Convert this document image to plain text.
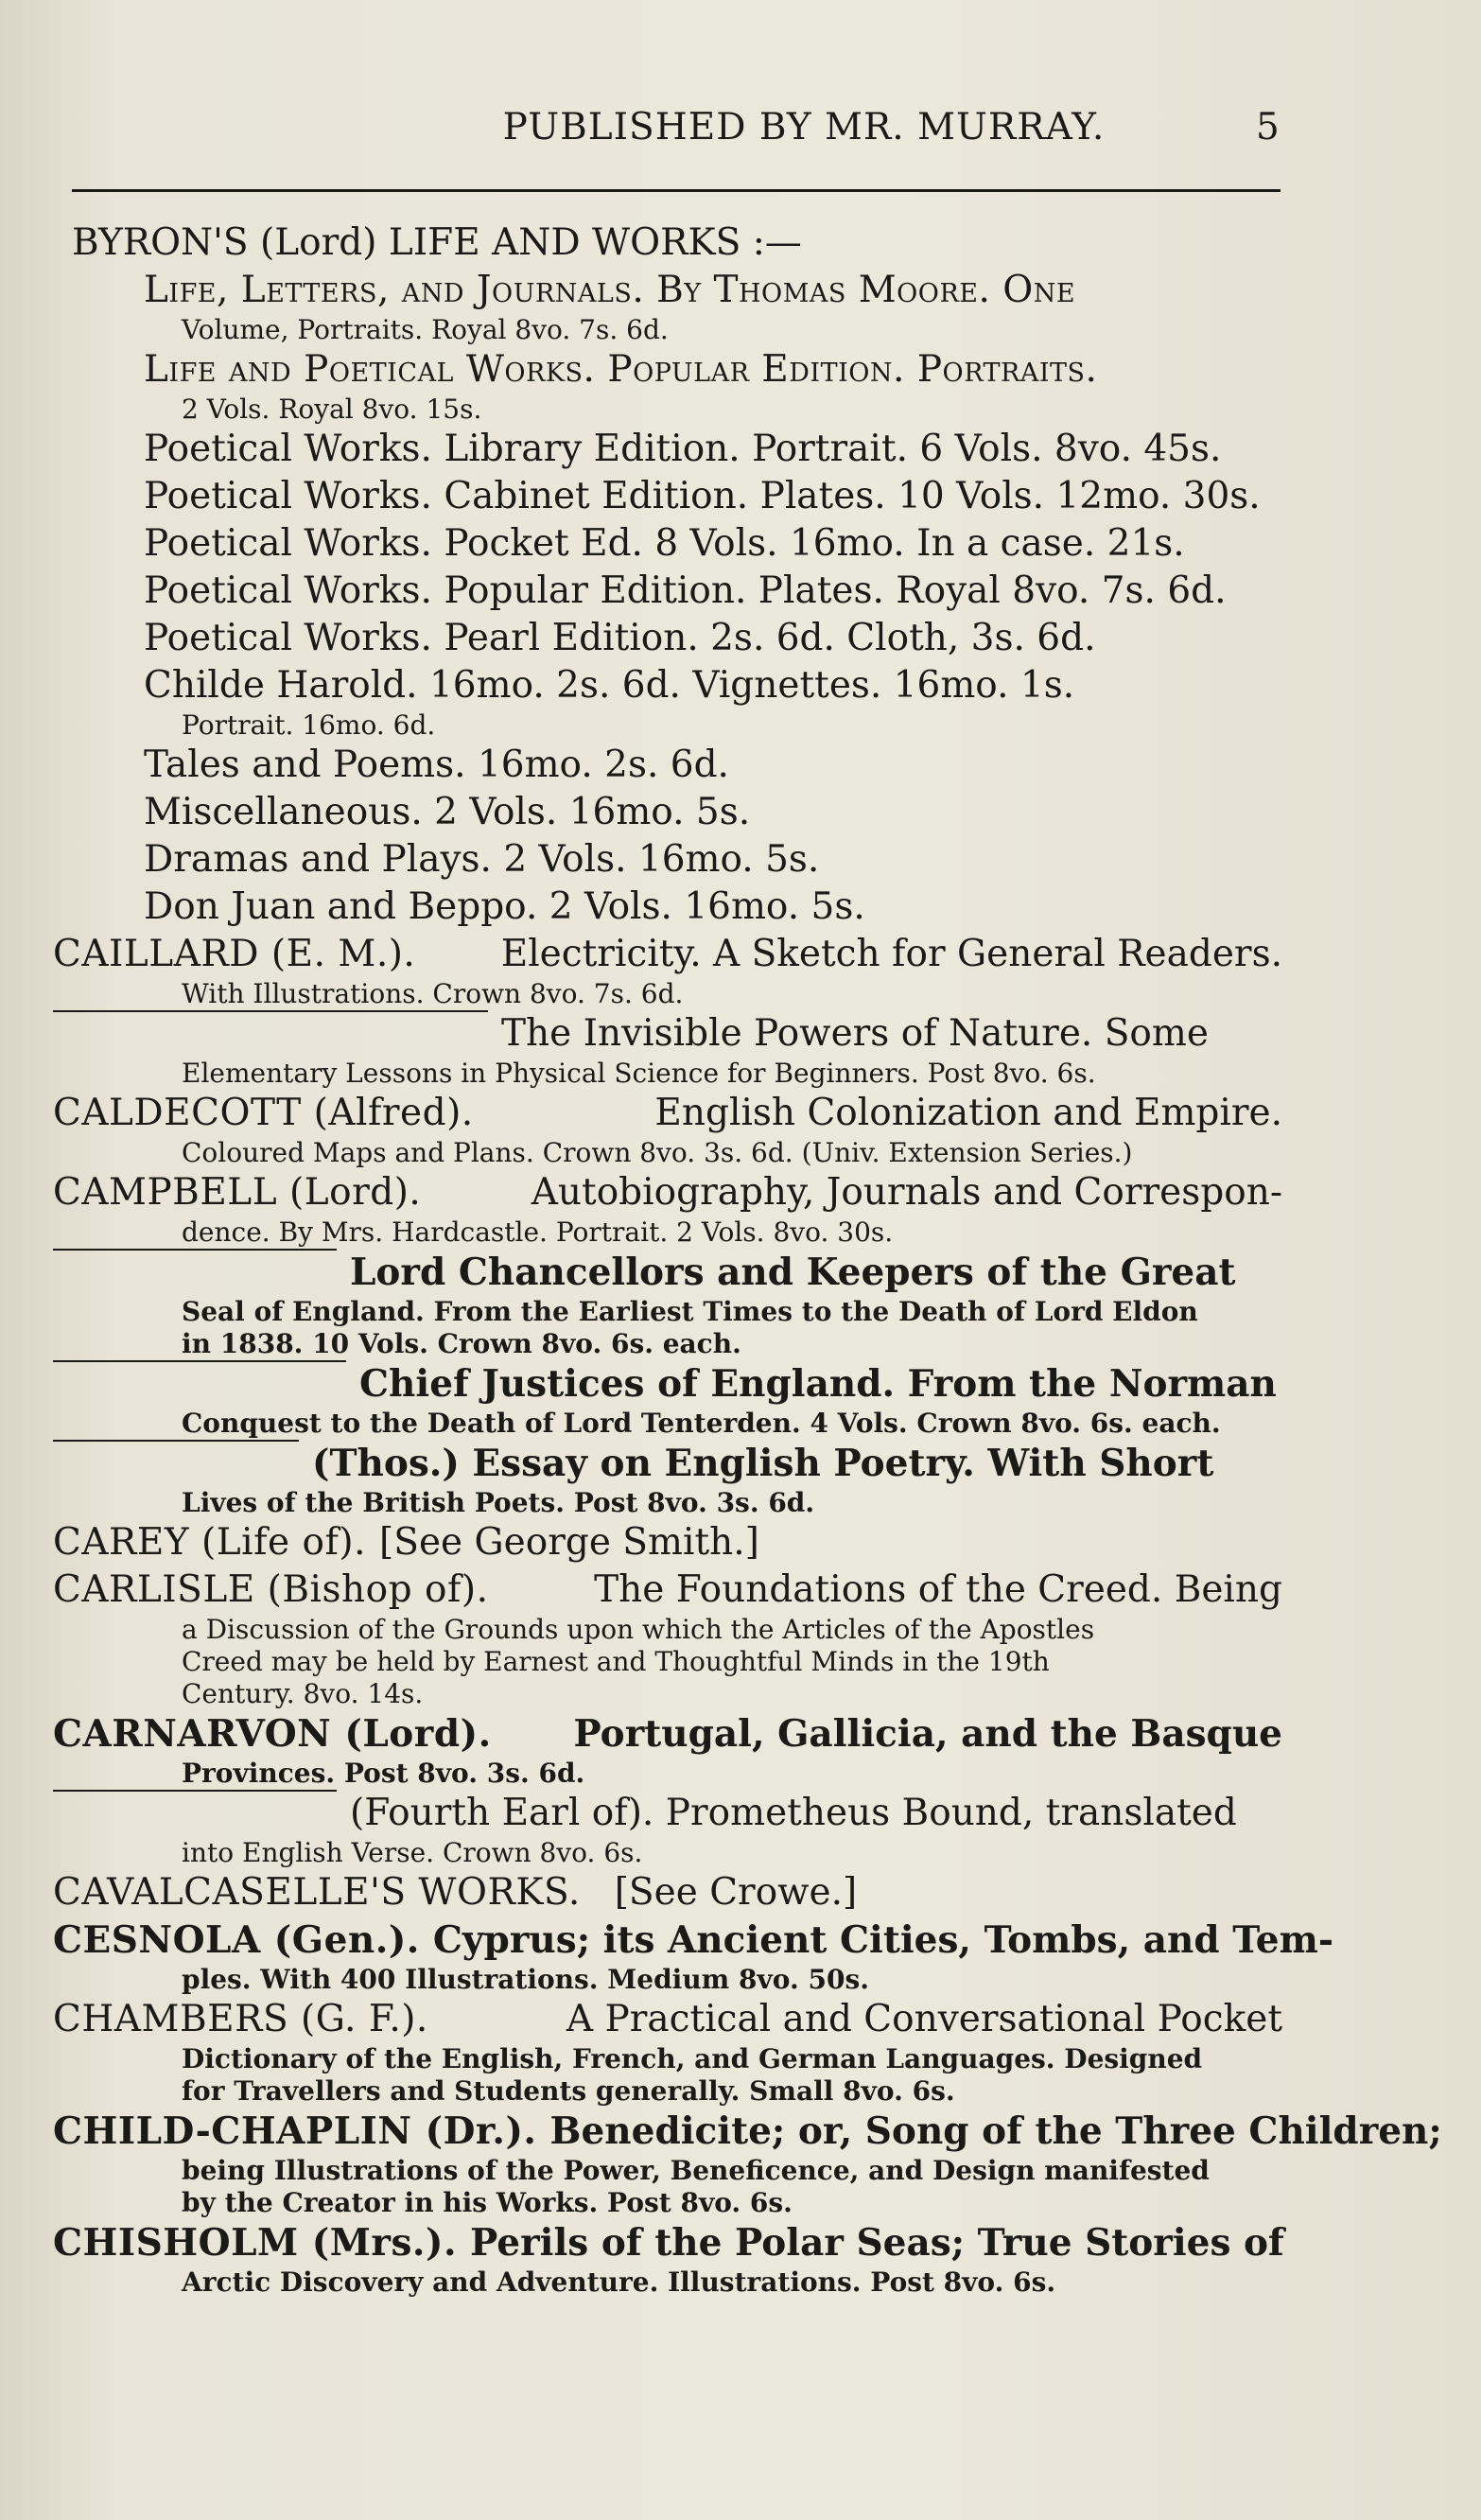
PUBLISHED BY MR. MURRAY.	5
BYRON'S (Lord) LIFE AND WORKS :—
Life, Letters, and Journals. By Thomas Moore. One
Volume, Portraits. Royal 8vo. 7s. 6d.
Life and Poetical Works. Popular Edition. Portraits.
2 Vols. Royal 8vo. 15s.
Poetical Works. Library Edition. Portrait. 6 Vols. 8vo. 45s.
Poetical Works. Cabinet Edition. Plates. 10 Vols. 12mo. 30s.
Poetical Works. Pocket Ed. 8 Vols. 16mo. In a case. 21s.
Poetical Works. Popular Edition. Plates. Royal 8vo. 7s. 6d.
Poetical Works. Pearl Edition. 2s. 6d. Cloth, 3s. 6d.
Childe Harold. 16mo. 2s. 6d. Vignettes. 16mo. 1s.
Portrait. 16mo. 6d.
Tales and Poems. 16mo. 2s. 6d.
Miscellaneous. 2 Vols. 16mo. 5s.
Dramas and Plays. 2 Vols. 16mo. 5s.
Don Juan and Beppo. 2 Vols. 16mo. 5s.
CAILLARD (E. M.). Electricity. A Sketch for General Readers.
With Illustrations. Crown 8vo. 7s. 6d.
The Invisible Powers of Nature. Some
Elementary Lessons in Physical Science for Beginners. Post 8vo. 6s.
CALDECOTT (Alfred).	English Colonization and Empire.
Coloured Maps and Plans. Crown 8vo. 3s. 6d. (Univ. Extension Series.)
CAMPBELL (Lord).	Autobiography, Journals and Correspon-
dence. By Mrs. Hardcastle. Portrait. 2 Vols. 8vo. 30s.
Lord Chancellors and Keepers of the Great
Seal of England. From the Earliest Times to the Death of Lord Eldon
in 1838. 10 Vols. Crown 8vo. 6s. each.
Chief Justices of England. From the Norman
Conquest to the Death of Lord Tenterden. 4 Vols. Crown 8vo. 6s. each.
(Thos.) Essay on English Poetry. With Short
Lives of the British Poets. Post 8vo. 3s. 6d.
CAREY (Life of). [See George Smith.]
CARLISLE (Bishop of).	The Foundations of the Creed. Being
a Discussion of the Grounds upon which the Articles of the Apostles
Creed may be held by Earnest and Thoughtful Minds in the 19th
Century. 8vo. 14s.
CARNARVON (Lord). Portugal, Gallicia, and the Basque
Provinces. Post 8vo. 3s. 6d.
(Fourth Earl of). Prometheus Bound, translated
into English Verse. Crown 8vo. 6s.
CAVALCASELLE'S WORKS. [See Crowe.]
CESNOLA (Gen.). Cyprus; its Ancient Cities, Tombs, and Tem-
ples. With 400 Illustrations. Medium 8vo. 50s.
CHAMBERS (G. F.).	A Practical and Conversational Pocket
Dictionary of the English, French, and German Languages. Designed
for Travellers and Students generally. Small 8vo. 6s.
CHILD-CHAPLIN (Dr.). Benedicite; or, Song of the Three Children;
being Illustrations of the Power, Beneficence, and Design manifested
by the Creator in his Works. Post 8vo. 6s.
CHISHOLM (Mrs.). Perils of the Polar Seas; True Stories of
Arctic Discovery and Adventure. Illustrations. Post 8vo. 6s.
